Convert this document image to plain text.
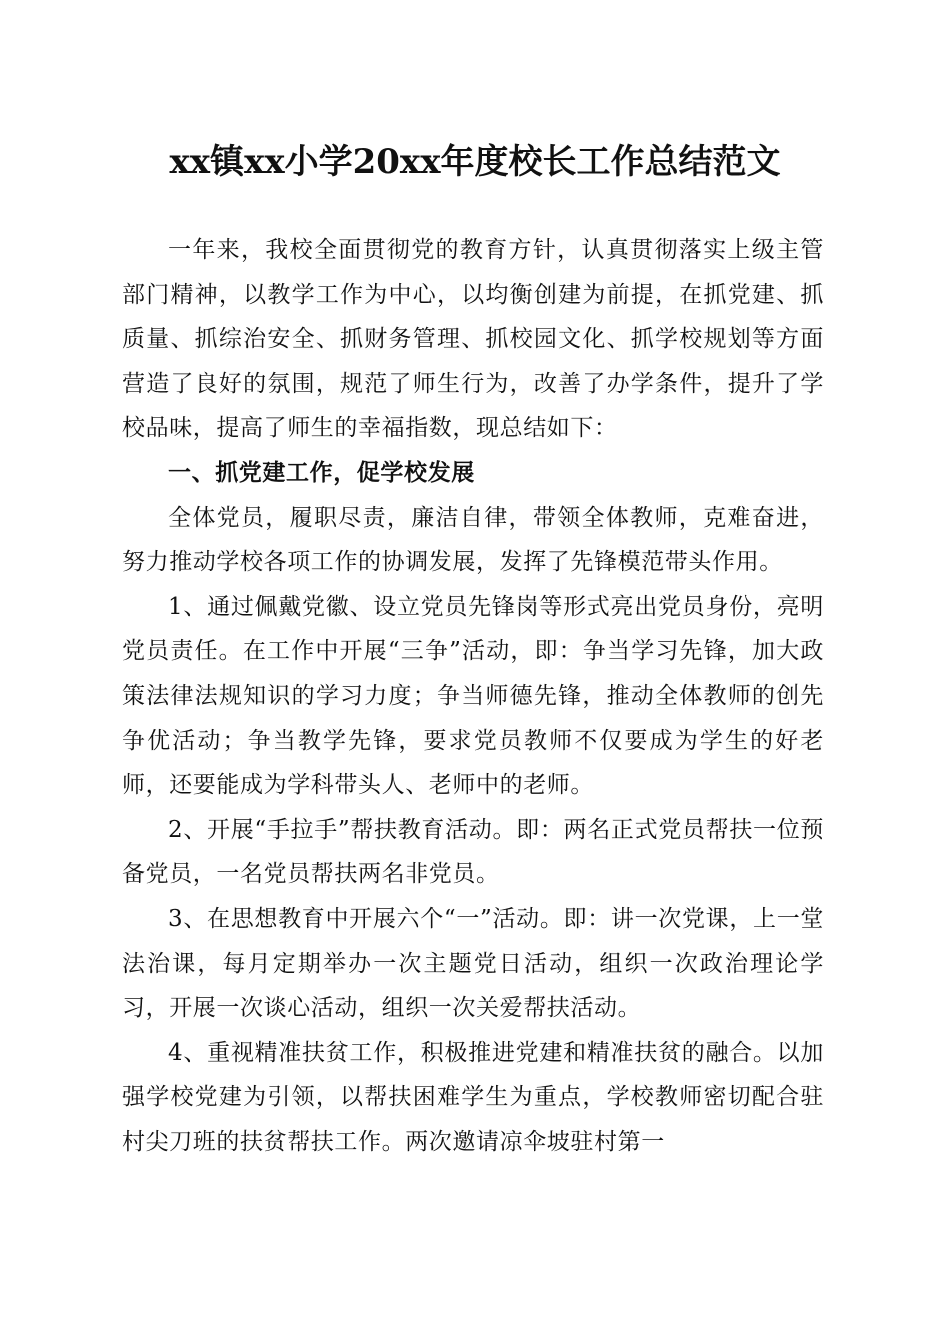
xx镇xx小学20xx年度校长工作总结范文

一年来，我校全面贯彻党的教育方针，认真贯彻落实上级主管部门精神，以教学工作为中心，以均衡创建为前提，在抓党建、抓质量、抓综治安全、抓财务管理、抓校园文化、抓学校规划等方面营造了良好的氛围，规范了师生行为，改善了办学条件，提升了学校品味，提高了师生的幸福指数，现总结如下：

一、抓党建工作，促学校发展

全体党员，履职尽责，廉洁自律，带领全体教师，克难奋进，努力推动学校各项工作的协调发展，发挥了先锋模范带头作用。

1、通过佩戴党徽、设立党员先锋岗等形式亮出党员身份，亮明党员责任。在工作中开展“三争”活动，即：争当学习先锋，加大政策法律法规知识的学习力度；争当师德先锋，推动全体教师的创先争优活动；争当教学先锋，要求党员教师不仅要成为学生的好老师，还要能成为学科带头人、老师中的老师。

2、开展“手拉手”帮扶教育活动。即：两名正式党员帮扶一位预备党员，一名党员帮扶两名非党员。

3、在思想教育中开展六个“一”活动。即：讲一次党课，上一堂法治课，每月定期举办一次主题党日活动，组织一次政治理论学习，开展一次谈心活动，组织一次关爱帮扶活动。

4、重视精准扶贫工作，积极推进党建和精准扶贫的融合。以加强学校党建为引领，以帮扶困难学生为重点，学校教师密切配合驻村尖刀班的扶贫帮扶工作。两次邀请凉伞坡驻村第一
